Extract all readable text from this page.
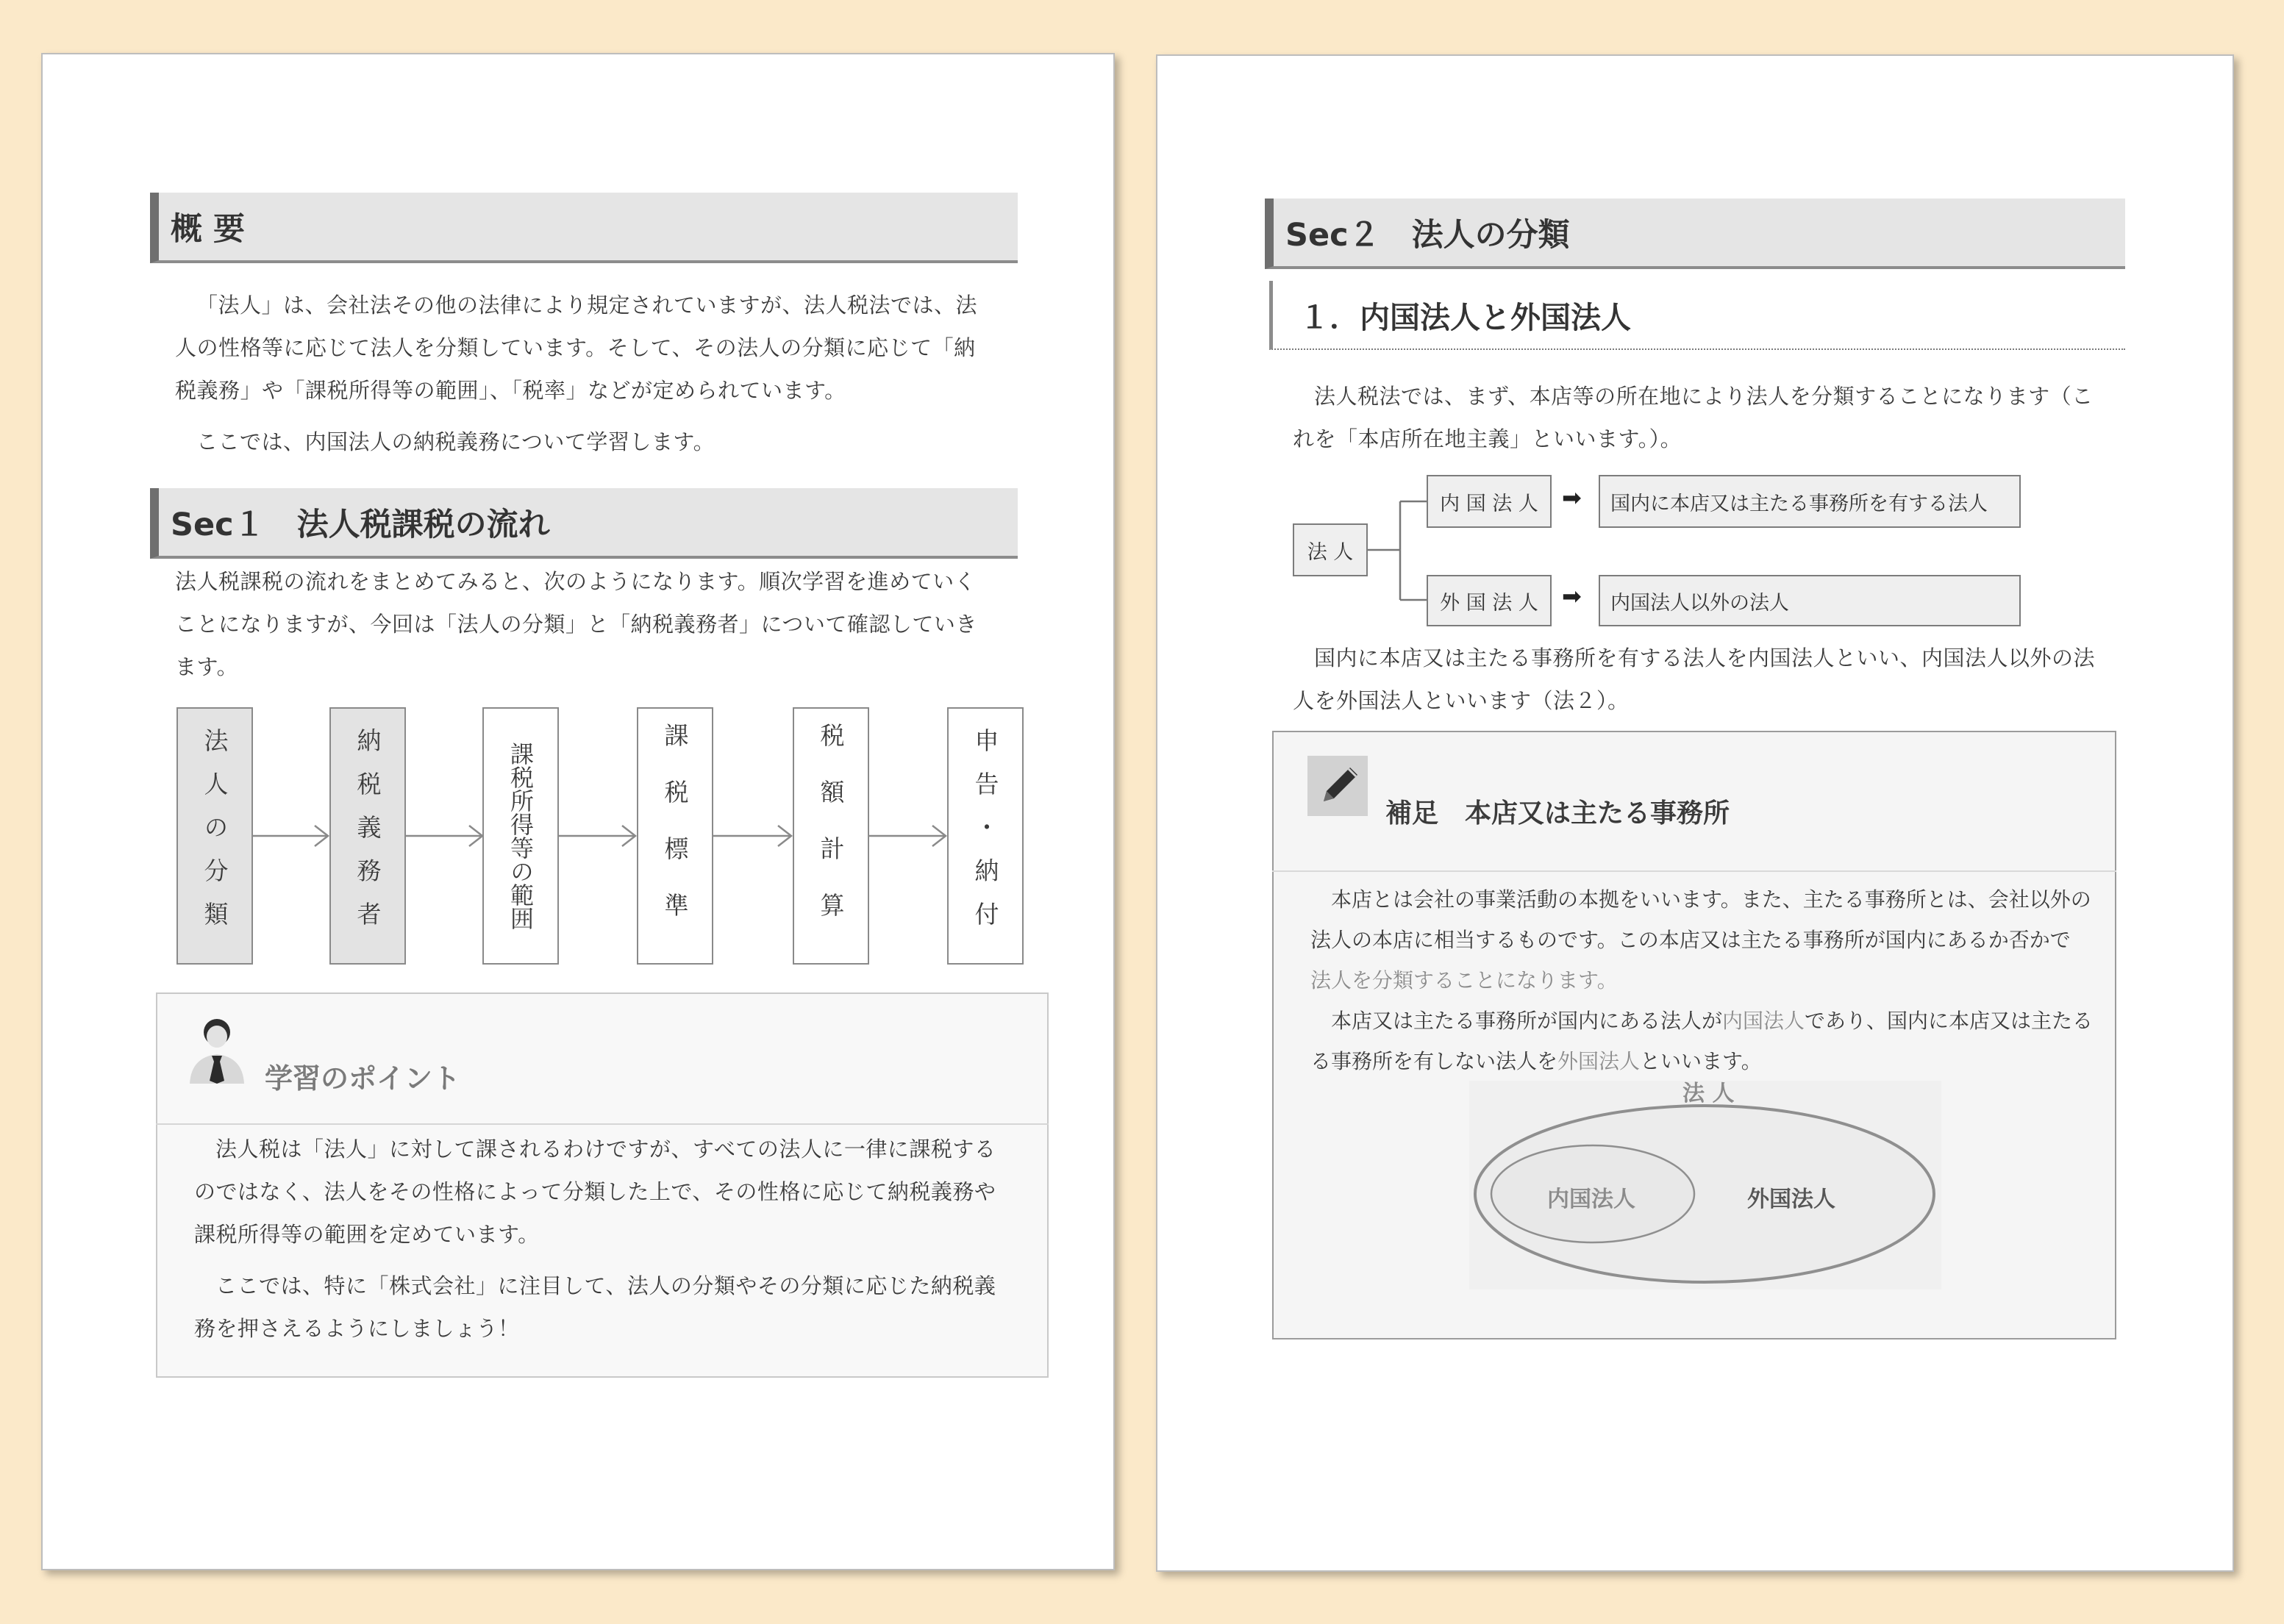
概 要

「法人」は、会社法その他の法律により規定されていますが、法人税法では、法

人の性格等に応じて法人を分類しています。そして、その法人の分類に応じて「納

税義務」や「課税所得等の範囲」、「税率」などが定められています。

ここでは、内国法人の納税義務について学習します。

Sec１　法人税課税の流れ

法人税課税の流れをまとめてみると、次のようになります。順次学習を進めていく

ことになりますが、今回は「法人の分類」と「納税義務者」について確認していき

ます。

法人の分類	納税義務者	課税所得等の範囲	課税標準	税額計算	申告・納付
学習のポイント

法人税は「法人」に対して課されるわけですが、すべての法人に一律に課税する

のではなく、法人をその性格によって分類した上で、その性格に応じて納税義務や

課税所得等の範囲を定めています。

ここでは、特に「株式会社」に注目して、法人の分類やその分類に応じた納税義

務を押さえるようにしましょう！

Sec２　法人の分類
１．内国法人と外国法人

法人税法では、まず、本店等の所在地により法人を分類することになります（こ

れを「本店所在地主義」といいます。）。

法 人
内 国 法 人
外 国 法 人
➡
➡
国内に本店又は主たる事務所を有する法人
内国法人以外の法人

国内に本店又は主たる事務所を有する法人を内国法人といい、内国法人以外の法

人を外国法人といいます（法２）。

補足　本店又は主たる事務所

本店とは会社の事業活動の本拠をいいます。また、主たる事務所とは、会社以外の

法人の本店に相当するものです。この本店又は主たる事務所が国内にあるか否かで

法人を分類することになります。

本店又は主たる事務所が国内にある法人が内国法人であり、国内に本店又は主たる

る事務所を有しない法人を外国法人といいます。

法 人
内国法人	外国法人
